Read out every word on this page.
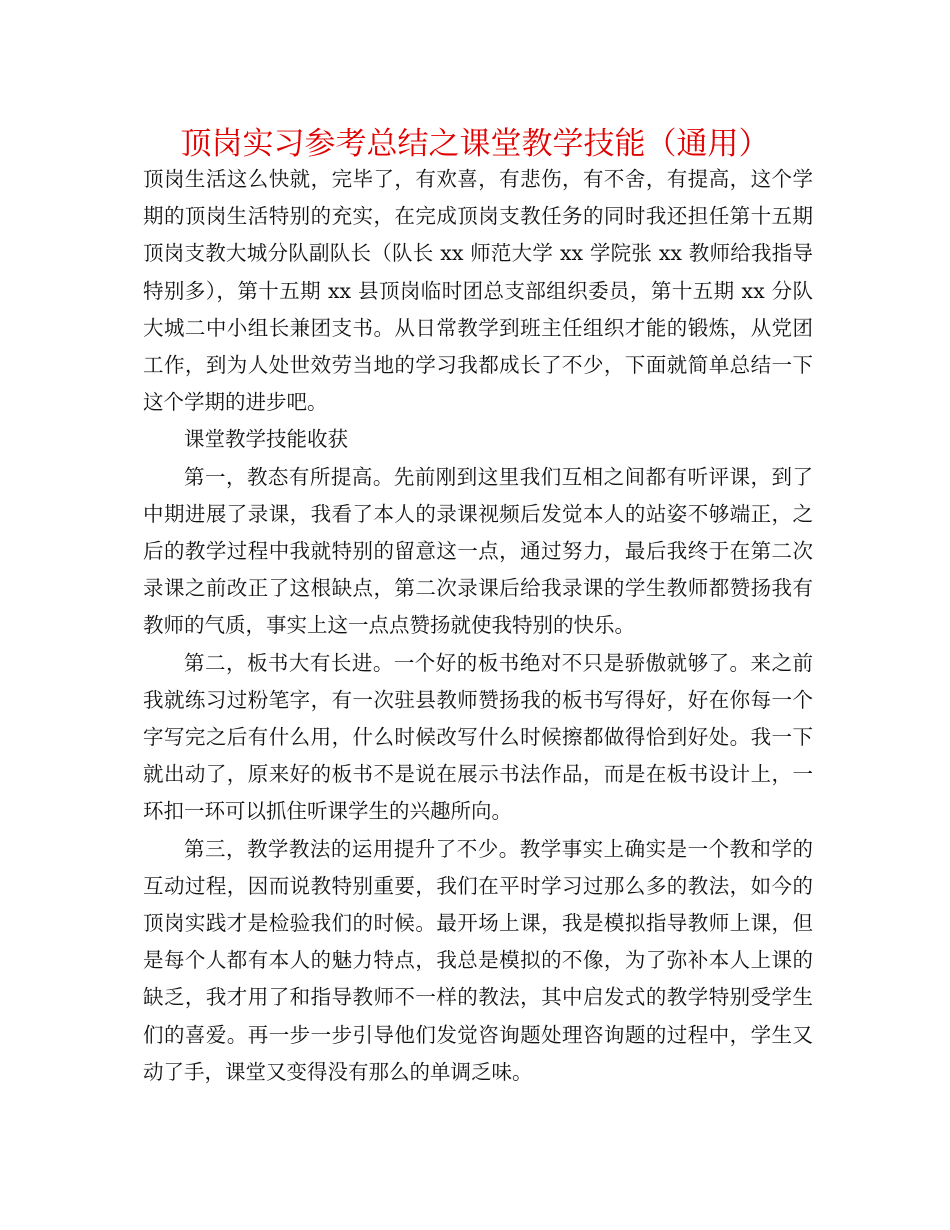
顶岗实习参考总结之课堂教学技能（通用）

顶岗生活这么快就，完毕了，有欢喜，有悲伤，有不舍，有提高，这个学期的顶岗生活特别的充实，在完成顶岗支教任务的同时我还担任第十五期顶岗支教大城分队副队长（队长 xx 师范大学 xx 学院张 xx 教师给我指导特别多），第十五期 xx 县顶岗临时团总支部组织委员，第十五期 xx 分队大城二中小组长兼团支书。从日常教学到班主任组织才能的锻炼，从党团工作，到为人处世效劳当地的学习我都成长了不少，下面就简单总结一下这个学期的进步吧。

课堂教学技能收获

第一，教态有所提高。先前刚到这里我们互相之间都有听评课，到了中期进展了录课，我看了本人的录课视频后发觉本人的站姿不够端正，之后的教学过程中我就特别的留意这一点，通过努力，最后我终于在第二次录课之前改正了这根缺点，第二次录课后给我录课的学生教师都赞扬我有教师的气质，事实上这一点点赞扬就使我特别的快乐。

第二，板书大有长进。一个好的板书绝对不只是骄傲就够了。来之前我就练习过粉笔字，有一次驻县教师赞扬我的板书写得好，好在你每一个字写完之后有什么用，什么时候改写什么时候擦都做得恰到好处。我一下就出动了，原来好的板书不是说在展示书法作品，而是在板书设计上，一环扣一环可以抓住听课学生的兴趣所向。

第三，教学教法的运用提升了不少。教学事实上确实是一个教和学的互动过程，因而说教特别重要，我们在平时学习过那么多的教法，如今的顶岗实践才是检验我们的时候。最开场上课，我是模拟指导教师上课，但是每个人都有本人的魅力特点，我总是模拟的不像，为了弥补本人上课的缺乏，我才用了和指导教师不一样的教法，其中启发式的教学特别受学生们的喜爱。再一步一步引导他们发觉咨询题处理咨询题的过程中，学生又动了手，课堂又变得没有那么的单调乏味。
